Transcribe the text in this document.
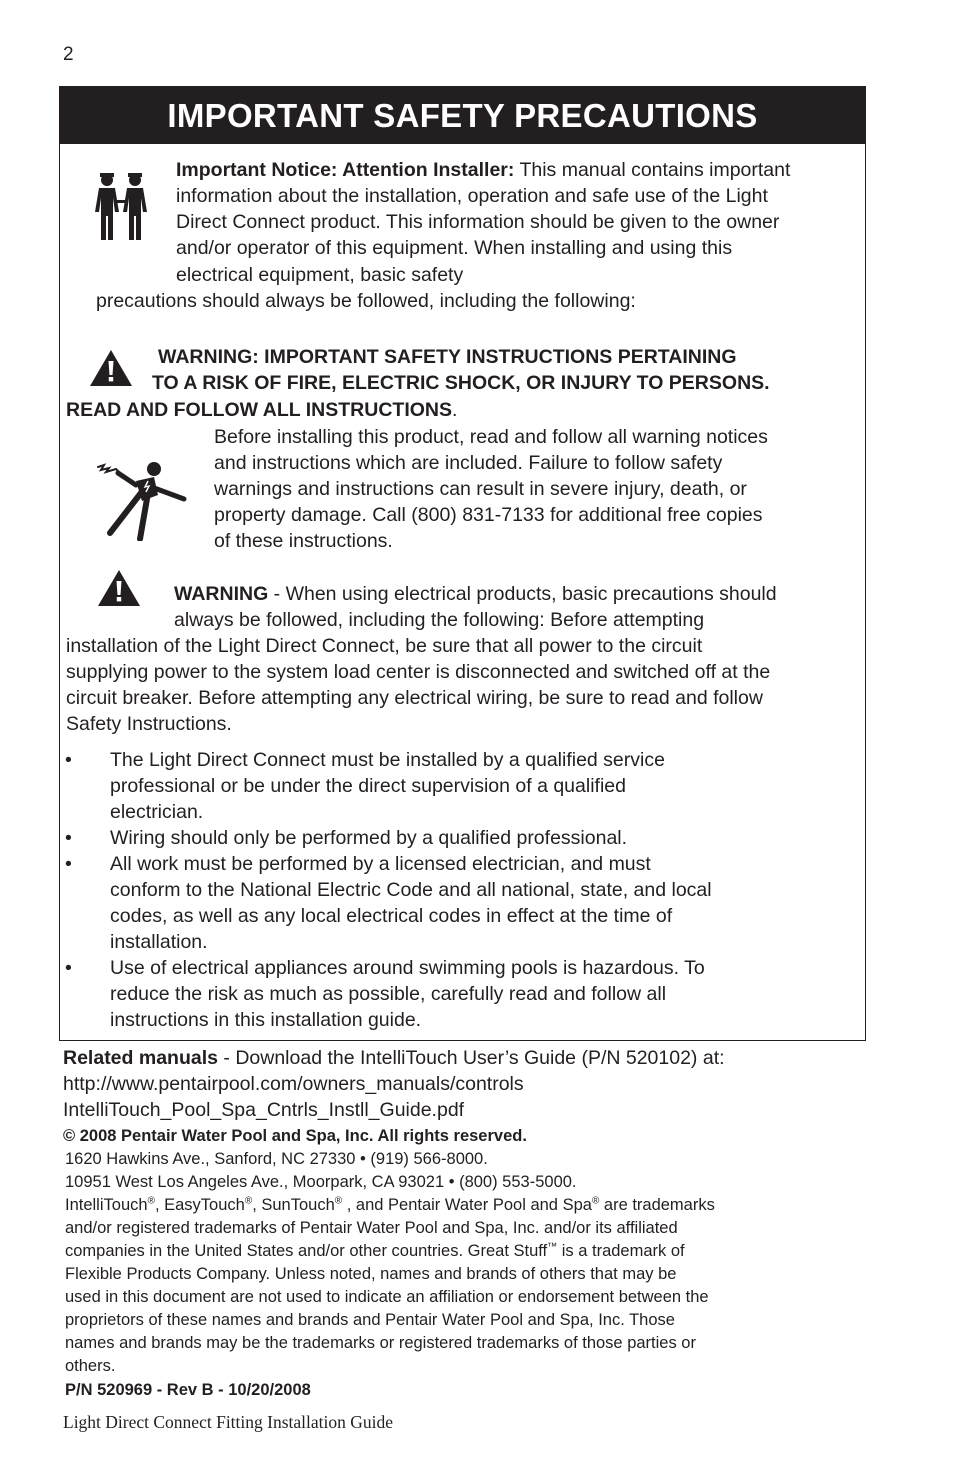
2
IMPORTANT SAFETY PRECAUTIONS

Important Notice: Attention Installer: This manual contains important

information about the installation, operation and safe use of the Light

Direct Connect product. This information should be given to the owner

and/or operator of this equipment. When installing and using this

electrical equipment, basic safety

precautions should always be followed, including the following:

WARNING: IMPORTANT SAFETY INSTRUCTIONS PERTAINING

TO A RISK OF FIRE, ELECTRIC SHOCK, OR INJURY TO PERSONS.

READ AND FOLLOW ALL INSTRUCTIONS.

Before installing this product, read and follow all warning notices

and instructions which are included. Failure to follow safety

warnings and instructions can result in severe injury, death, or

property damage. Call (800) 831-7133 for additional free copies

of these instructions.

WARNING - When using electrical products, basic precautions should

always be followed, including the following: Before attempting

installation of the Light Direct Connect, be sure that all power to the circuit

supplying power to the system load center is disconnected and switched off at the

circuit breaker. Before attempting any electrical wiring, be sure to read and follow

Safety Instructions.

• The Light Direct Connect must be installed by a qualified service
professional or be under the direct supervision of a qualified
electrician.
• Wiring should only be performed by a qualified professional.
• All work must be performed by a licensed electrician, and must
conform to the National Electric Code and all national, state, and local
codes, as well as any local electrical codes in effect at the time of
installation.
• Use of electrical appliances around swimming pools is hazardous. To
reduce the risk as much as possible, carefully read and follow all
instructions in this installation guide.
Related manuals - Download the IntelliTouch User’s Guide (P/N 520102) at:
http://www.pentairpool.com/owners_manuals/controls
IntelliTouch_Pool_Spa_Cntrls_Instll_Guide.pdf
© 2008 Pentair Water Pool and Spa, Inc. All rights reserved.
1620 Hawkins Ave., Sanford, NC 27330 • (919) 566-8000.
10951 West Los Angeles Ave., Moorpark, CA 93021 • (800) 553-5000.
IntelliTouch®, EasyTouch®, SunTouch® , and Pentair Water Pool and Spa® are trademarks
and/or registered trademarks of Pentair Water Pool and Spa, Inc. and/or its affiliated
companies in the United States and/or other countries. Great Stuff™ is a trademark of
Flexible Products Company. Unless noted, names and brands of others that may be
used in this document are not used to indicate an affiliation or endorsement between the
proprietors of these names and brands and Pentair Water Pool and Spa, Inc. Those
names and brands may be the trademarks or registered trademarks of those parties or
others.
P/N 520969 - Rev B - 10/20/2008
Light Direct Connect Fitting Installation Guide
